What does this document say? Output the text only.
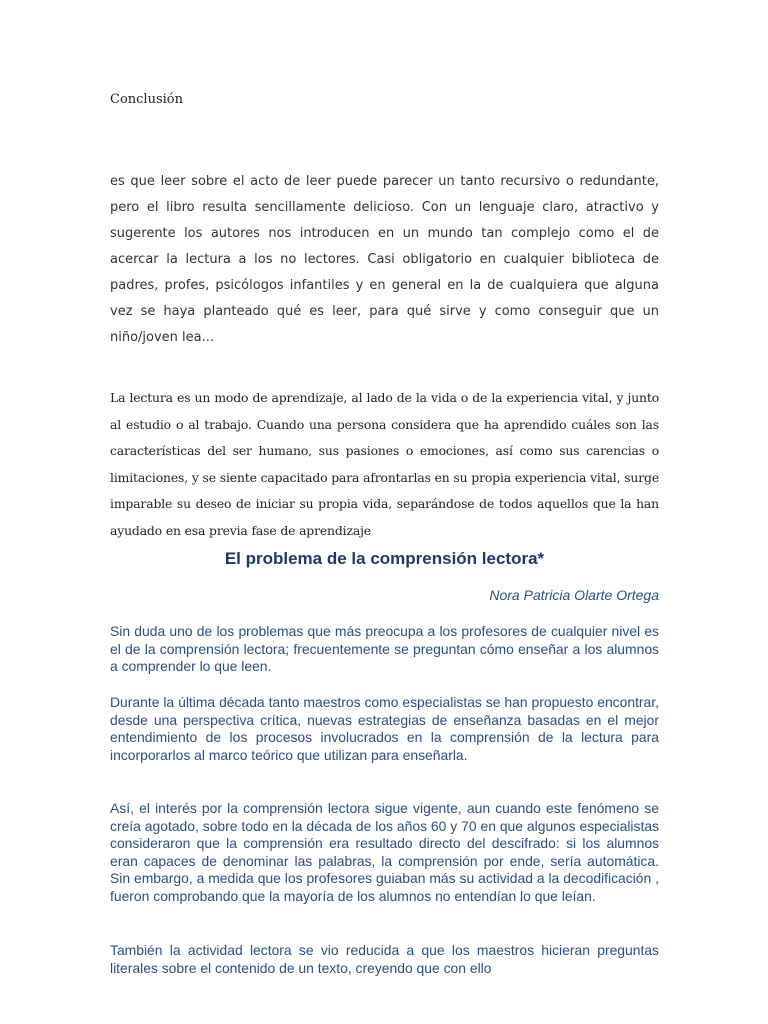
Conclusión

es que leer sobre el acto de leer puede parecer un tanto recursivo o redundante, pero el libro resulta sencillamente delicioso. Con un lenguaje claro, atractivo y sugerente los autores nos introducen en un mundo tan complejo como el de acercar la lectura a los no lectores. Casi obligatorio en cualquier biblioteca de padres, profes, psicólogos infantiles y en general en la de cualquiera que alguna vez se haya planteado qué es leer, para qué sirve y como conseguir que un niño/joven lea...

La lectura es un modo de aprendizaje, al lado de la vida o de la experiencia vital, y junto al estudio o al trabajo. Cuando una persona considera que ha aprendido cuáles son las características del ser humano, sus pasiones o emociones, así como sus carencias o limitaciones, y se siente capacitado para afrontarlas en su propia experiencia vital, surge imparable su deseo de iniciar su propia vida, separándose de todos aquellos que la han ayudado en esa previa fase de aprendizaje

El problema de la comprensión lectora*

Nora Patricia Olarte Ortega

Sin duda uno de los problemas que más preocupa a los profesores de cualquier nivel es el de la comprensión lectora; frecuentemente se preguntan cómo enseñar a los alumnos a comprender lo que leen.

Durante la última década tanto maestros como especialistas se han propuesto encontrar, desde una perspectiva crítica, nuevas estrategias de enseñanza basadas en el mejor entendimiento de los procesos involucrados en la comprensión de la lectura para incorporarlos al marco teórico que utilizan para enseñarla.

Así, el interés por la comprensión lectora sigue vigente, aun cuando este fenómeno se creía agotado, sobre todo en la década de los años 60 y 70 en que algunos especialistas consideraron que la comprensión era resultado directo del descifrado: si los alumnos eran capaces de denominar las palabras, la comprensión por ende, sería automática. Sin embargo, a medida que los profesores guiaban más su actividad a la decodificación , fueron comprobando que la mayoría de los alumnos no entendían lo que leían.

También la actividad lectora se vio reducida a que los maestros hicieran preguntas           literales sobre el contenido de un texto, creyendo que con ello
